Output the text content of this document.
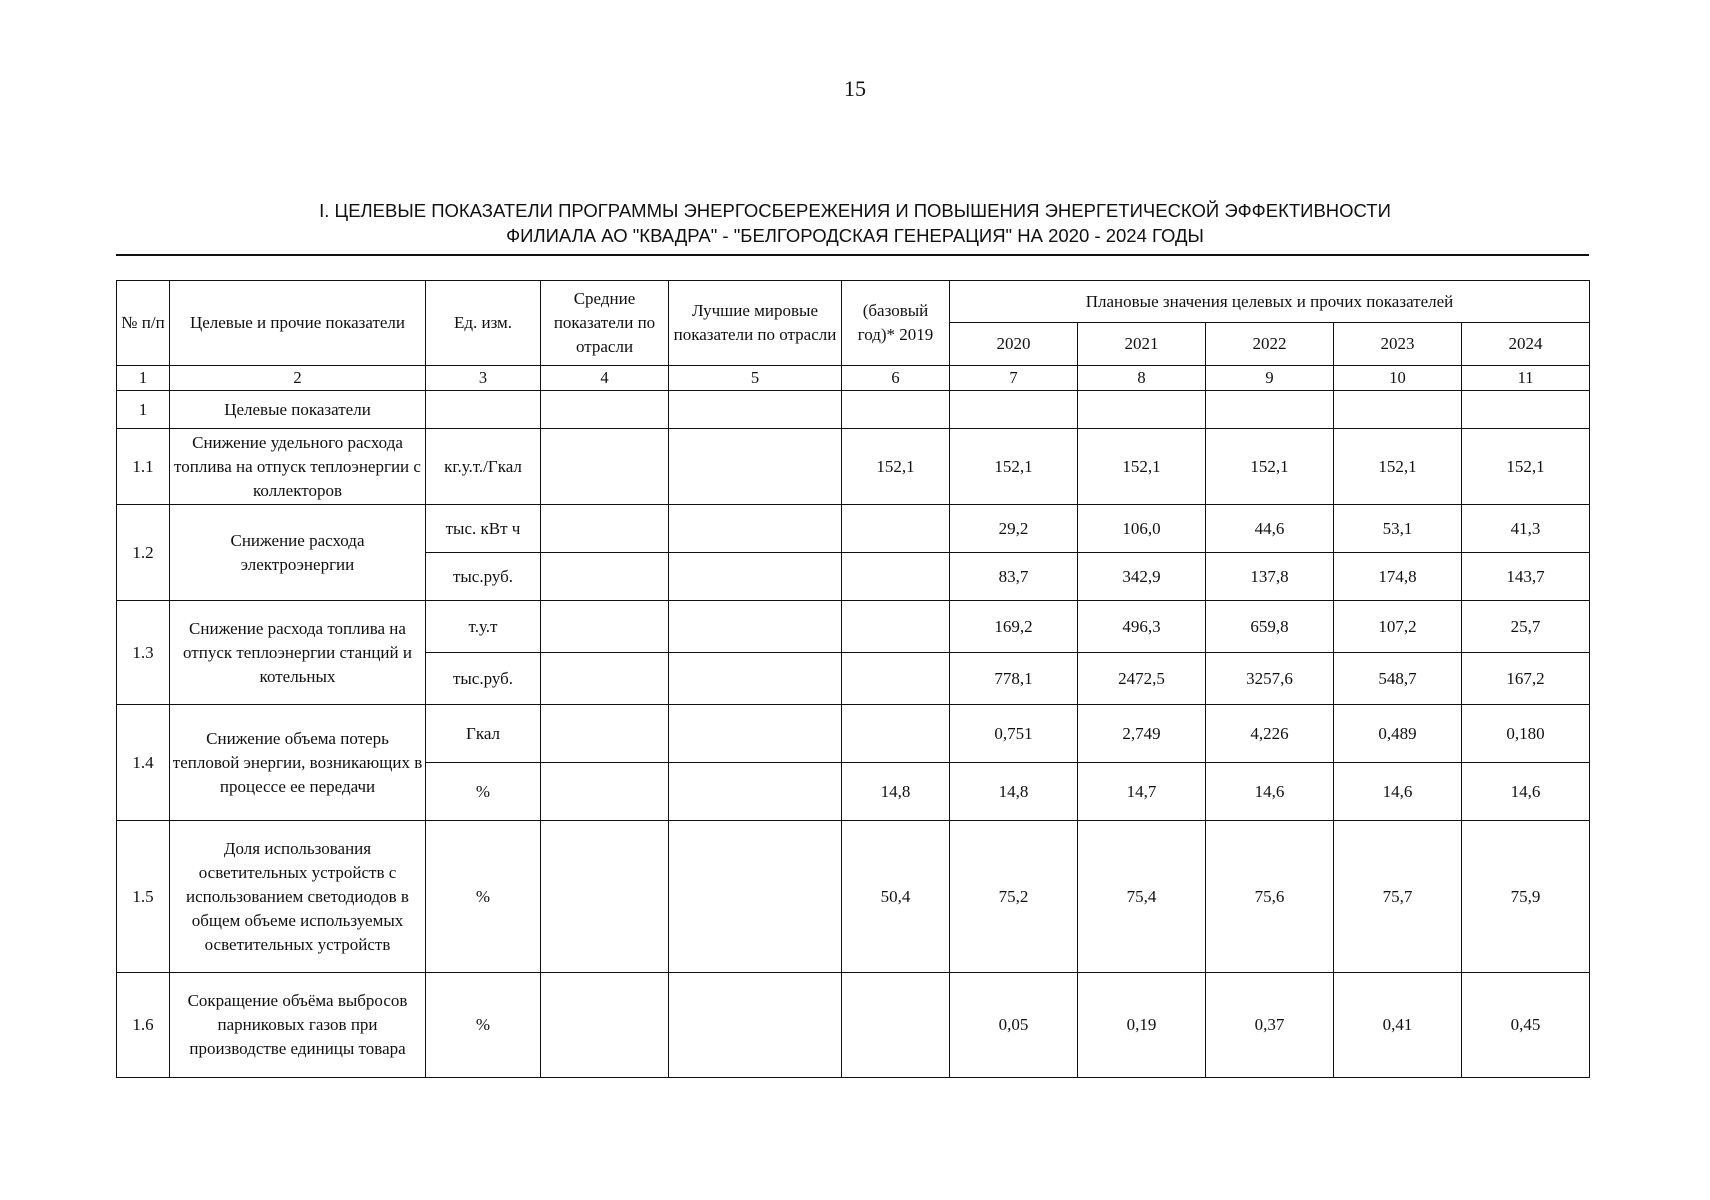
15
I. ЦЕЛЕВЫЕ ПОКАЗАТЕЛИ ПРОГРАММЫ ЭНЕРГОСБЕРЕЖЕНИЯ И ПОВЫШЕНИЯ ЭНЕРГЕТИЧЕСКОЙ ЭФФЕКТИВНОСТИ
ФИЛИАЛА АО "КВАДРА" - "БЕЛГОРОДСКАЯ ГЕНЕРАЦИЯ" НА 2020 - 2024 ГОДЫ
№ п/п	Целевые и прочие показатели	Ед. изм.	Средние показатели по отрасли	Лучшие мировые показатели по отрасли	(базовый год)* 2019	Плановые значения целевых и прочих показателей				
						2020	2021	2022	2023	2024
1	2	3	4	5	6	7	8	9	10	11
1	Целевые показатели									
1.1	Снижение удельного расхода топлива на отпуск теплоэнергии с коллекторов	кг.у.т./Гкал			152,1	152,1	152,1	152,1	152,1	152,1
1.2	Снижение расхода электроэнергии	тыс. кВт ч				29,2	106,0	44,6	53,1	41,3
		тыс.руб.				83,7	342,9	137,8	174,8	143,7
1.3	Снижение расхода топлива на отпуск теплоэнергии станций и котельных	т.у.т				169,2	496,3	659,8	107,2	25,7
		тыс.руб.				778,1	2472,5	3257,6	548,7	167,2
1.4	Снижение объема потерь тепловой энергии, возникающих в процессе ее передачи	Гкал				0,751	2,749	4,226	0,489	0,180
		%			14,8	14,8	14,7	14,6	14,6	14,6
1.5	Доля использования осветительных устройств с использованием светодиодов в общем объеме используемых осветительных устройств	%			50,4	75,2	75,4	75,6	75,7	75,9
1.6	Сокращение объёма выбросов парниковых газов при производстве единицы товара	%				0,05	0,19	0,37	0,41	0,45
